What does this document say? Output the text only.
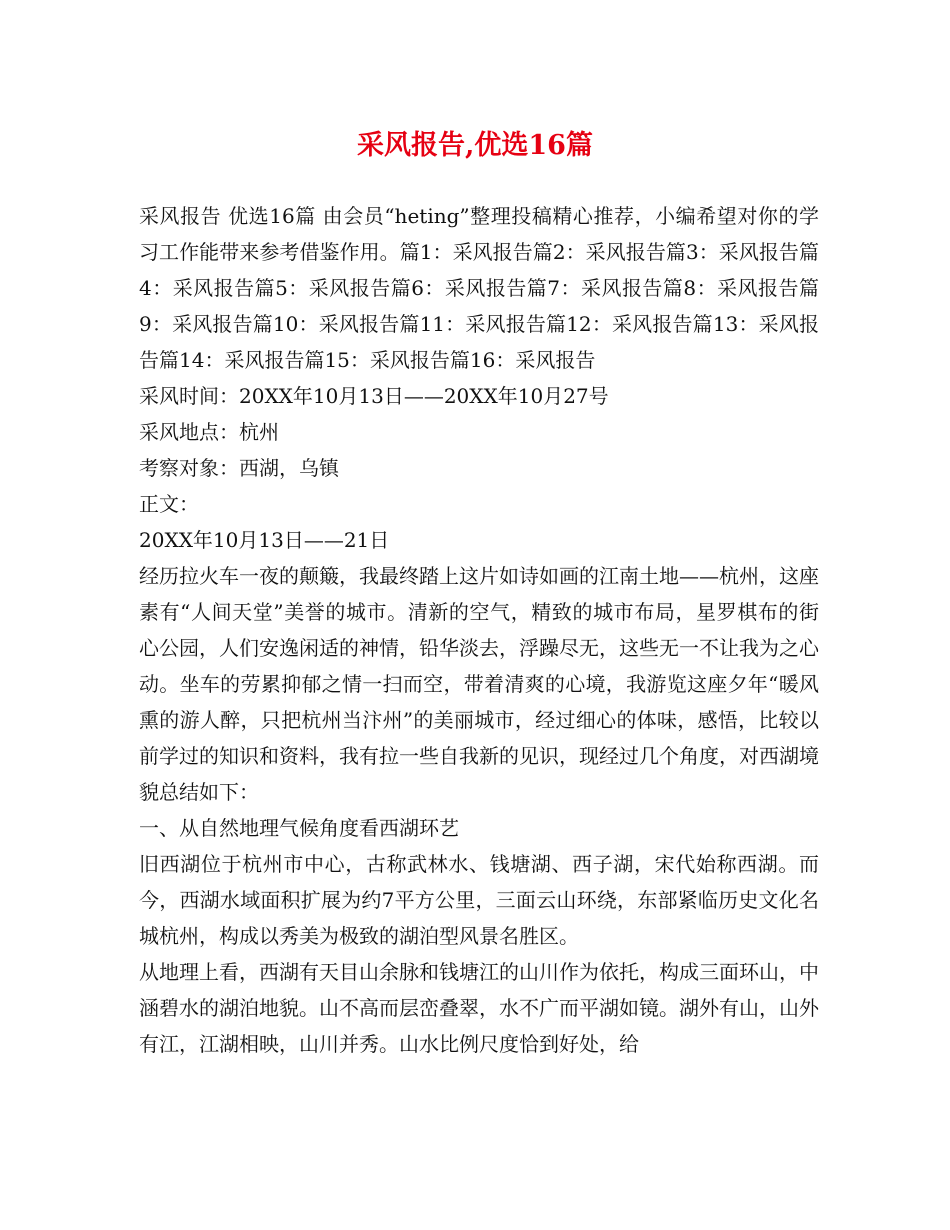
采风报告,优选16篇

采风报告 优选16篇 由会员“heting”整理投稿精心推荐，小编希望对你的学习工作能带来参考借鉴作用。篇1：采风报告篇2：采风报告篇3：采风报告篇4：采风报告篇5：采风报告篇6：采风报告篇7：采风报告篇8：采风报告篇9：采风报告篇10：采风报告篇11：采风报告篇12：采风报告篇13：采风报告篇14：采风报告篇15：采风报告篇16：采风报告

采风时间：20XX年10月13日——20XX年10月27号

采风地点：杭州

考察对象：西湖，乌镇

正文：

20XX年10月13日——21日

经历拉火车一夜的颠簸，我最终踏上这片如诗如画的江南土地——杭州，这座素有“人间天堂”美誉的城市。清新的空气，精致的城市布局，星罗棋布的街心公园，人们安逸闲适的神情，铅华淡去，浮躁尽无，这些无一不让我为之心动。坐车的劳累抑郁之情一扫而空，带着清爽的心境，我游览这座夕年“暖风熏的游人醉，只把杭州当汴州”的美丽城市，经过细心的体味，感悟，比较以前学过的知识和资料，我有拉一些自我新的见识，现经过几个角度，对西湖境貌总结如下：

一、从自然地理气候角度看西湖环艺

旧西湖位于杭州市中心，古称武林水、钱塘湖、西子湖，宋代始称西湖。而今，西湖水域面积扩展为约7平方公里，三面云山环绕，东部紧临历史文化名城杭州，构成以秀美为极致的湖泊型风景名胜区。

从地理上看，西湖有天目山余脉和钱塘江的山川作为依托，构成三面环山，中涵碧水的湖泊地貌。山不高而层峦叠翠，水不广而平湖如镜。湖外有山，山外有江，江湖相映，山川并秀。山水比例尺度恰到好处，给
